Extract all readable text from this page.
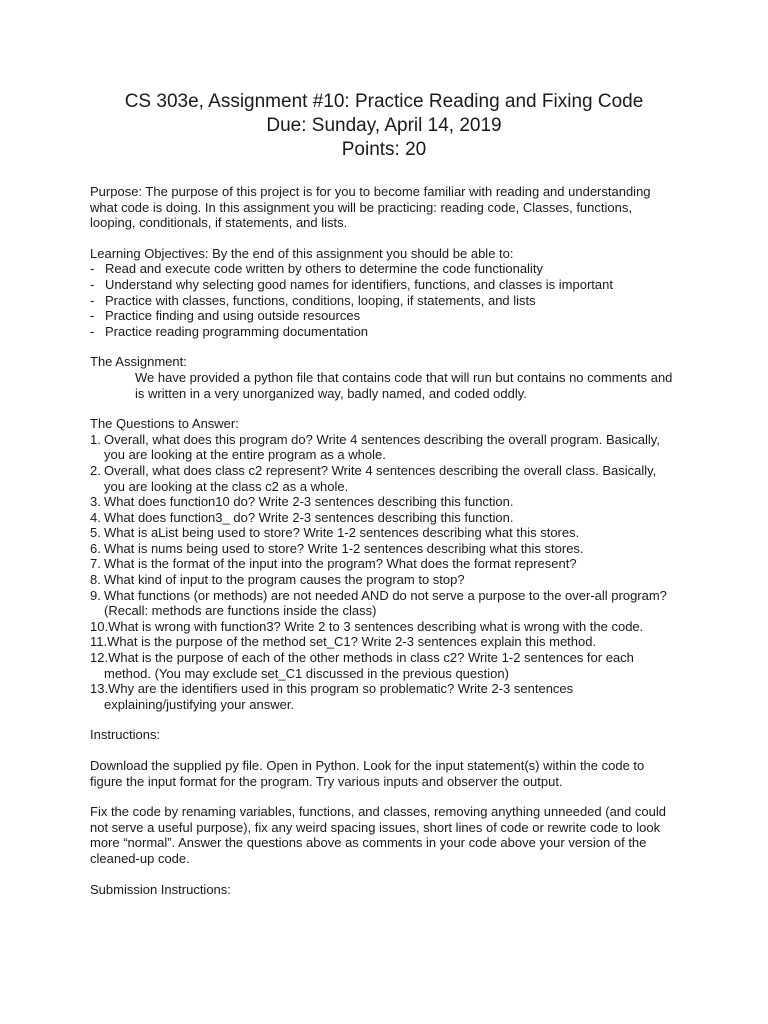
CS 303e, Assignment #10: Practice Reading and Fixing Code
Due: Sunday, April 14, 2019
Points: 20

Purpose: The purpose of this project is for you to become familiar with reading and understanding what code is doing. In this assignment you will be practicing: reading code, Classes, functions, looping, conditionals, if statements, and lists.

Learning Objectives: By the end of this assignment you should be able to:

- Read and execute code written by others to determine the code functionality
- Understand why selecting good names for identifiers, functions, and classes is important
- Practice with classes, functions, conditions, looping, if statements, and lists
- Practice finding and using outside resources
- Practice reading programming documentation

The Assignment:

We have provided a python file that contains code that will run but contains no comments and is written in a very unorganized way, badly named, and coded oddly.

The Questions to Answer:

1. Overall, what does this program do? Write 4 sentences describing the overall program. Basically, you are looking at the entire program as a whole.
2. Overall, what does class c2 represent? Write 4 sentences describing the overall class. Basically, you are looking at the class c2 as a whole.
3. What does function10 do? Write 2-3 sentences describing this function.
4. What does function3_ do? Write 2-3 sentences describing this function.
5. What is aList being used to store? Write 1-2 sentences describing what this stores.
6. What is nums being used to store? Write 1-2 sentences describing what this stores.
7. What is the format of the input into the program? What does the format represent?
8. What kind of input to the program causes the program to stop?
9. What functions (or methods) are not needed AND do not serve a purpose to the over-all program? (Recall: methods are functions inside the class)
10.What is wrong with function3? Write 2 to 3 sentences describing what is wrong with the code.
11.What is the purpose of the method set_C1? Write 2-3 sentences explain this method.
12.What is the purpose of each of the other methods in class c2? Write 1-2 sentences for each method. (You may exclude set_C1 discussed in the previous question)
13.Why are the identifiers used in this program so problematic? Write 2-3 sentences explaining/justifying your answer.

Instructions:

Download the supplied py file. Open in Python. Look for the input statement(s) within the code to figure the input format for the program. Try various inputs and observer the output.

Fix the code by renaming variables, functions, and classes, removing anything unneeded (and could not serve a useful purpose), fix any weird spacing issues, short lines of code or rewrite code to look more “normal”. Answer the questions above as comments in your code above your version of the cleaned-up code.

Submission Instructions:
